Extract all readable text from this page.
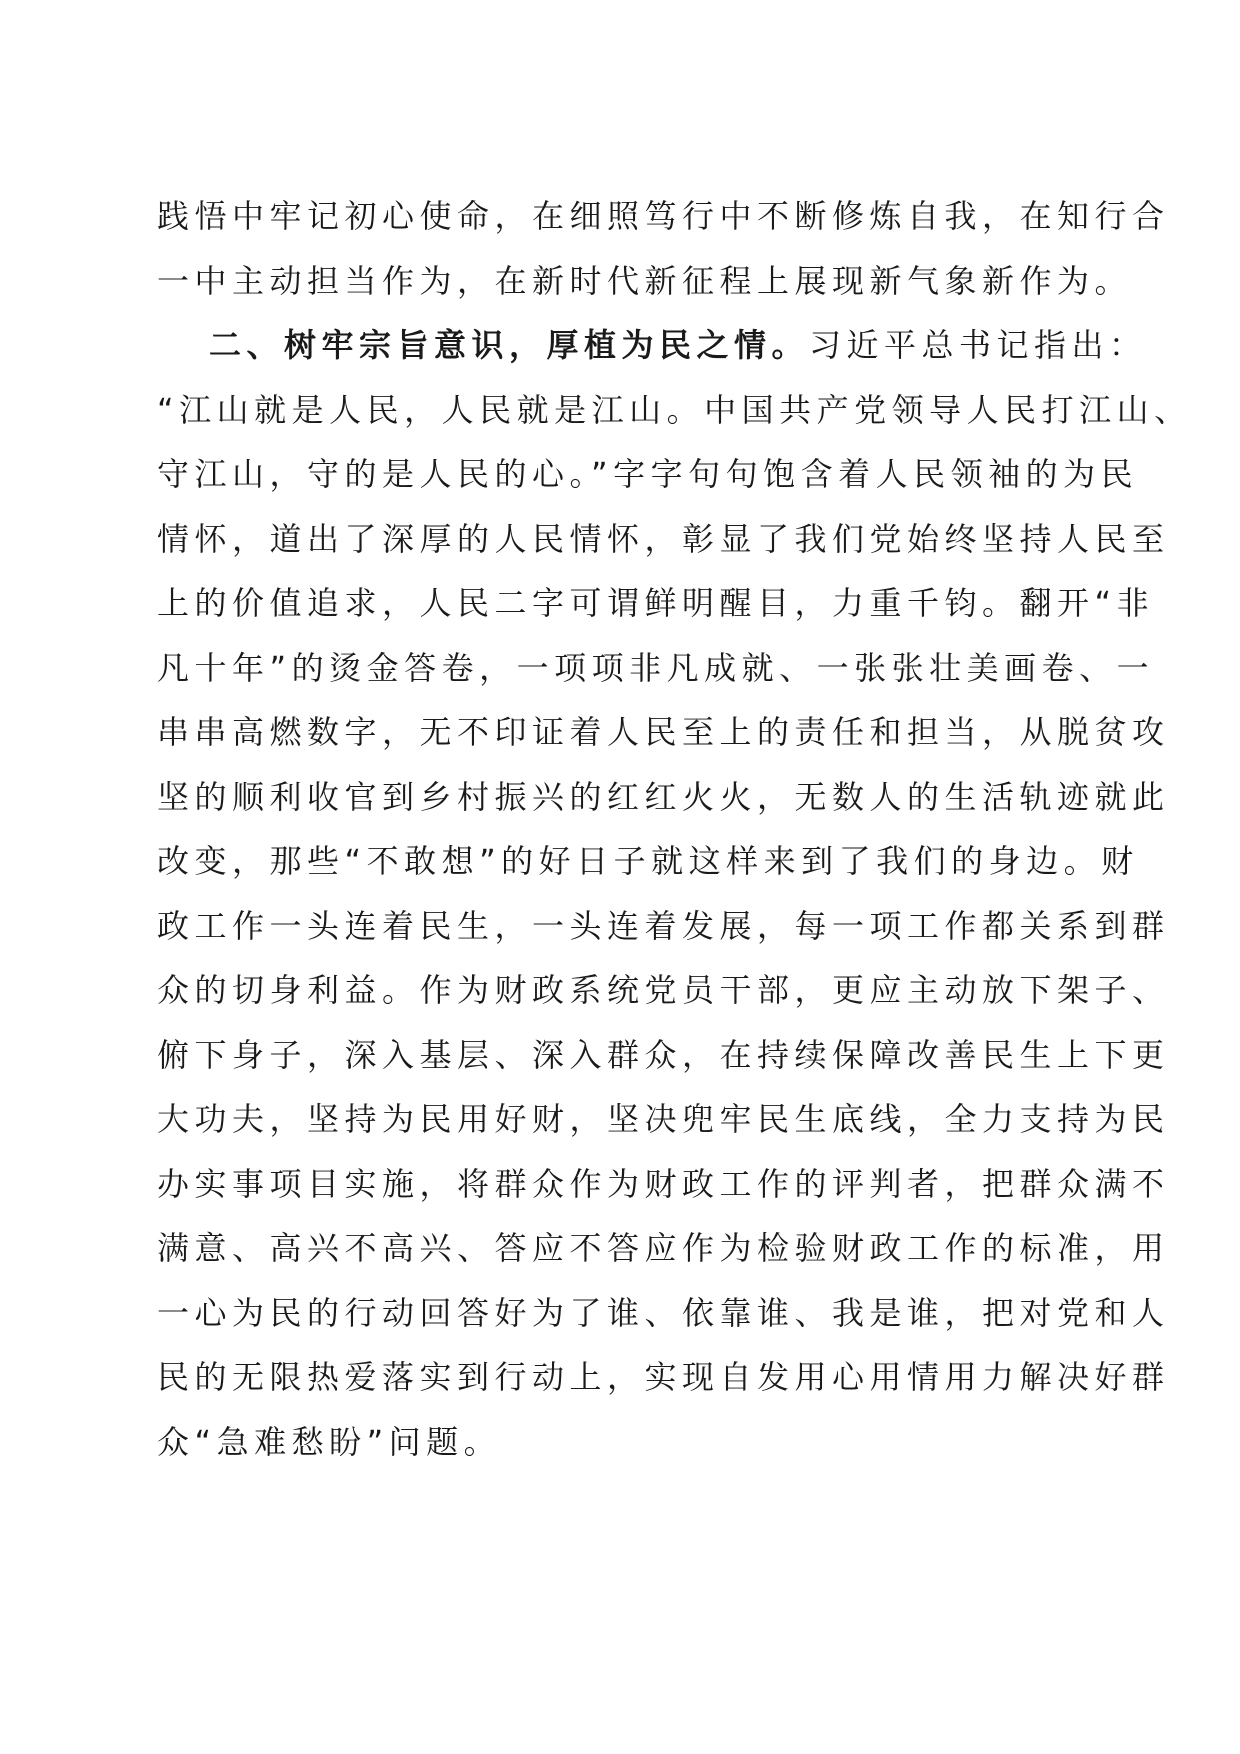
践悟中牢记初心使命，在细照笃行中不断修炼自我，在知行合
一中主动担当作为，在新时代新征程上展现新气象新作为。
二、树牢宗旨意识，厚植为民之情。习近平总书记指出：
“江山就是人民，人民就是江山。中国共产党领导人民打江山、
守江山，守的是人民的心。”字字句句饱含着人民领袖的为民
情怀，道出了深厚的人民情怀，彰显了我们党始终坚持人民至
上的价值追求，人民二字可谓鲜明醒目，力重千钧。翻开“非
凡十年”的烫金答卷，一项项非凡成就、一张张壮美画卷、一
串串高燃数字，无不印证着人民至上的责任和担当，从脱贫攻
坚的顺利收官到乡村振兴的红红火火，无数人的生活轨迹就此
改变，那些“不敢想”的好日子就这样来到了我们的身边。财
政工作一头连着民生，一头连着发展，每一项工作都关系到群
众的切身利益。作为财政系统党员干部，更应主动放下架子、
俯下身子，深入基层、深入群众，在持续保障改善民生上下更
大功夫，坚持为民用好财，坚决兜牢民生底线，全力支持为民
办实事项目实施，将群众作为财政工作的评判者，把群众满不
满意、高兴不高兴、答应不答应作为检验财政工作的标准，用
一心为民的行动回答好为了谁、依靠谁、我是谁，把对党和人
民的无限热爱落实到行动上，实现自发用心用情用力解决好群
众“急难愁盼”问题。
